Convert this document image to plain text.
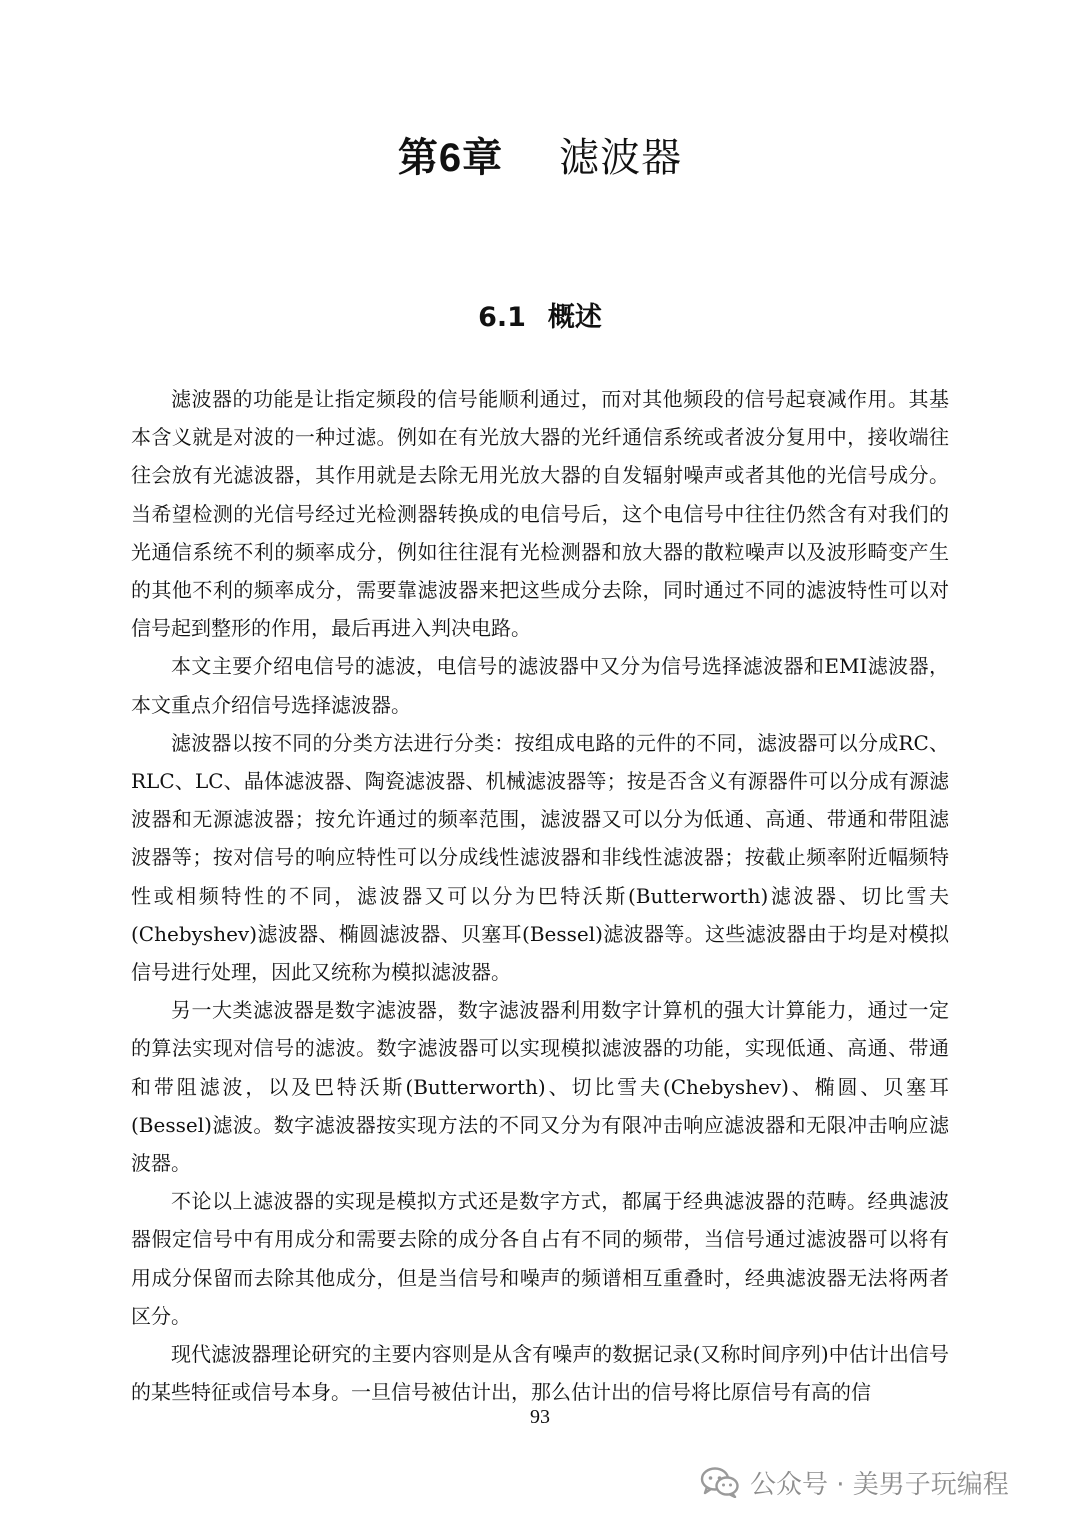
第6章 滤波器
6.1 概述

滤波器的功能是让指定频段的信号能顺利通过，而对其他频段的信号起衰减作用。其基本含义就是对波的一种过滤。例如在有光放大器的光纤通信系统或者波分复用中，接收端往往会放有光滤波器，其作用就是去除无用光放大器的自发辐射噪声或者其他的光信号成分。当希望检测的光信号经过光检测器转换成的电信号后，这个电信号中往往仍然含有对我们的光通信系统不利的频率成分，例如往往混有光检测器和放大器的散粒噪声以及波形畸变产生的其他不利的频率成分，需要靠滤波器来把这些成分去除，同时通过不同的滤波特性可以对信号起到整形的作用，最后再进入判决电路。

本文主要介绍电信号的滤波，电信号的滤波器中又分为信号选择滤波器和EMI滤波器，本文重点介绍信号选择滤波器。

滤波器以按不同的分类方法进行分类：按组成电路的元件的不同，滤波器可以分成RC、RLC、LC、晶体滤波器、陶瓷滤波器、机械滤波器等；按是否含义有源器件可以分成有源滤波器和无源滤波器；按允许通过的频率范围，滤波器又可以分为低通、高通、带通和带阻滤波器等；按对信号的响应特性可以分成线性滤波器和非线性滤波器；按截止频率附近幅频特性或相频特性的不同，滤波器又可以分为巴特沃斯(Butterworth)滤波器、切比雪夫(Chebyshev)滤波器、椭圆滤波器、贝塞耳(Bessel)滤波器等。这些滤波器由于均是对模拟信号进行处理，因此又统称为模拟滤波器。

另一大类滤波器是数字滤波器，数字滤波器利用数字计算机的强大计算能力，通过一定的算法实现对信号的滤波。数字滤波器可以实现模拟滤波器的功能，实现低通、高通、带通和带阻滤波，以及巴特沃斯(Butterworth)、切比雪夫(Chebyshev)、椭圆、贝塞耳(Bessel)滤波。数字滤波器按实现方法的不同又分为有限冲击响应滤波器和无限冲击响应滤波器。

不论以上滤波器的实现是模拟方式还是数字方式，都属于经典滤波器的范畴。经典滤波器假定信号中有用成分和需要去除的成分各自占有不同的频带，当信号通过滤波器可以将有用成分保留而去除其他成分，但是当信号和噪声的频谱相互重叠时，经典滤波器无法将两者区分。

现代滤波器理论研究的主要内容则是从含有噪声的数据记录(又称时间序列)中估计出信号的某些特征或信号本身。一旦信号被估计出，那么估计出的信号将比原信号有高的信

93
公众号 · 美男子玩编程
